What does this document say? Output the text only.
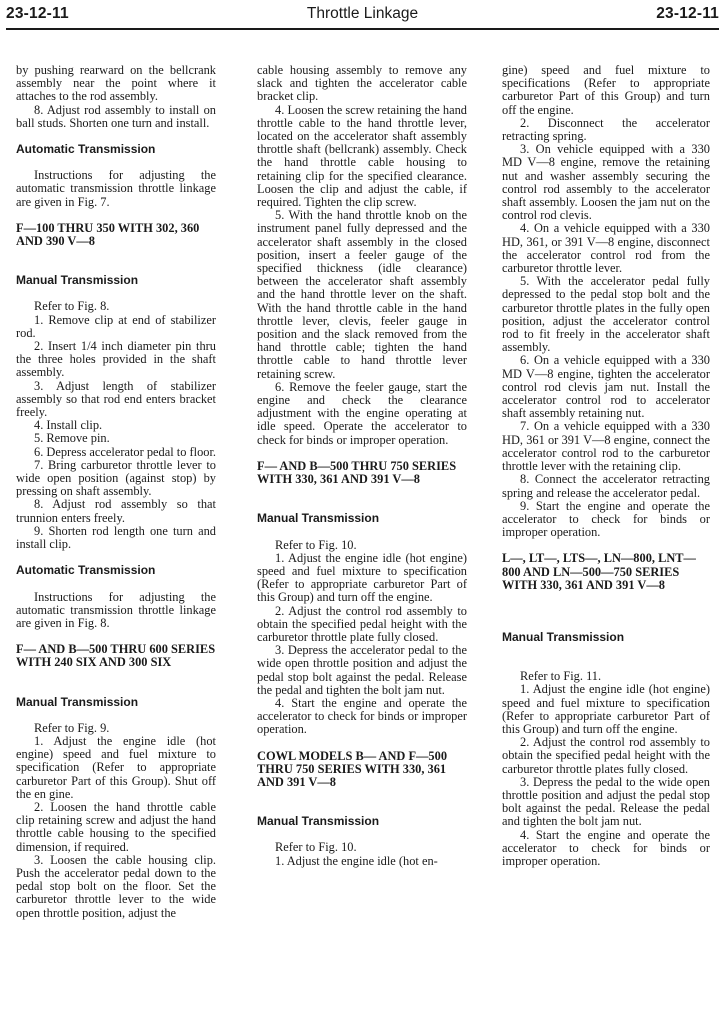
23-12-11	Throttle Linkage	23-12-11

by pushing rearward on the bellcrank assembly near the point where it attaches to the rod assembly.

8. Adjust rod assembly to install on ball studs. Shorten one turn and install.

Automatic Transmission

Instructions for adjusting the automatic transmission throttle linkage are given in Fig. 7.

F—100 THRU 350 WITH 302, 360 AND 390 V—8

Manual Transmission

Refer to Fig. 8.

1. Remove clip at end of stabilizer rod.

2. Insert 1/4 inch diameter pin thru the three holes provided in the shaft assembly.

3. Adjust length of stabilizer assembly so that rod end enters bracket freely.

4. Install clip.

5. Remove pin.

6. Depress accelerator pedal to floor.

7. Bring carburetor throttle lever to wide open position (against stop) by pressing on shaft assembly.

8. Adjust rod assembly so that trunnion enters freely.

9. Shorten rod length one turn and install clip.

Automatic Transmission

Instructions for adjusting the automatic transmission throttle linkage are given in Fig. 8.

F— AND B—500 THRU 600 SERIES WITH 240 SIX AND 300 SIX

Manual Transmission

Refer to Fig. 9.

1. Adjust the engine idle (hot engine) speed and fuel mixture to specification (Refer to appropriate carburetor Part of this Group). Shut off the en gine.

2. Loosen the hand throttle cable clip retaining screw and adjust the hand throttle cable housing to the specified dimension, if required.

3. Loosen the cable housing clip. Push the accelerator pedal down to the pedal stop bolt on the floor. Set the carburetor throttle lever to the wide open throttle position, adjust the

cable housing assembly to remove any slack and tighten the accelerator cable bracket clip.

4. Loosen the screw retaining the hand throttle cable to the hand throttle lever, located on the accelerator shaft assembly throttle shaft (bellcrank) assembly. Check the hand throttle cable housing to retaining clip for the specified clearance. Loosen the clip and adjust the cable, if required. Tighten the clip screw.

5. With the hand throttle knob on the instrument panel fully depressed and the accelerator shaft assembly in the closed position, insert a feeler gauge of the specified thickness (idle clearance) between the accelerator shaft assembly and the hand throttle lever on the shaft. With the hand throttle cable in the hand throttle lever, clevis, feeler gauge in position and the slack removed from the hand throttle cable; tighten the hand throttle cable to hand throttle lever retaining screw.

6. Remove the feeler gauge, start the engine and check the clearance adjustment with the engine operating at idle speed. Operate the accelerator to check for binds or improper operation.

F— AND B—500 THRU 750 SERIES WITH 330, 361 AND 391 V—8

Manual Transmission

Refer to Fig. 10.

1. Adjust the engine idle (hot engine) speed and fuel mixture to specification (Refer to appropriate carburetor Part of this Group) and turn off the engine.

2. Adjust the control rod assembly to obtain the specified pedal height with the carburetor throttle plate fully closed.

3. Depress the accelerator pedal to the wide open throttle position and adjust the pedal stop bolt against the pedal. Release the pedal and tighten the bolt jam nut.

4. Start the engine and operate the accelerator to check for binds or improper operation.

COWL MODELS B— AND F—500 THRU 750 SERIES WITH 330, 361 AND 391 V—8

Manual Transmission

Refer to Fig. 10.

1. Adjust the engine idle (hot en-

gine) speed and fuel mixture to specifications (Refer to appropriate carburetor Part of this Group) and turn off the engine.

2. Disconnect the accelerator retracting spring.

3. On vehicle equipped with a 330 MD V—8 engine, remove the retaining nut and washer assembly securing the control rod assembly to the accelerator shaft assembly. Loosen the jam nut on the control rod clevis.

4. On a vehicle equipped with a 330 HD, 361, or 391 V—8 engine, disconnect the accelerator control rod from the carburetor throttle lever.

5. With the accelerator pedal fully depressed to the pedal stop bolt and the carburetor throttle plates in the fully open position, adjust the accelerator control rod to fit freely in the accelerator shaft assembly.

6. On a vehicle equipped with a 330 MD V—8 engine, tighten the accelerator control rod clevis jam nut. Install the accelerator control rod to accelerator shaft assembly retaining nut.

7. On a vehicle equipped with a 330 HD, 361 or 391 V—8 engine, connect the accelerator control rod to the carburetor throttle lever with the retaining clip.

8. Connect the accelerator retracting spring and release the accelerator pedal.

9. Start the engine and operate the accelerator to check for binds or improper operation.

L—, LT—, LTS—, LN—800, LNT—800 AND LN—500—750 SERIES WITH 330, 361 AND 391 V—8

Manual Transmission

Refer to Fig. 11.

1. Adjust the engine idle (hot engine) speed and fuel mixture to specification (Refer to appropriate carburetor Part of this Group) and turn off the engine.

2. Adjust the control rod assembly to obtain the specified pedal height with the carburetor throttle plates fully closed.

3. Depress the pedal to the wide open throttle position and adjust the pedal stop bolt against the pedal. Release the pedal and tighten the bolt jam nut.

4. Start the engine and operate the accelerator to check for binds or improper operation.
